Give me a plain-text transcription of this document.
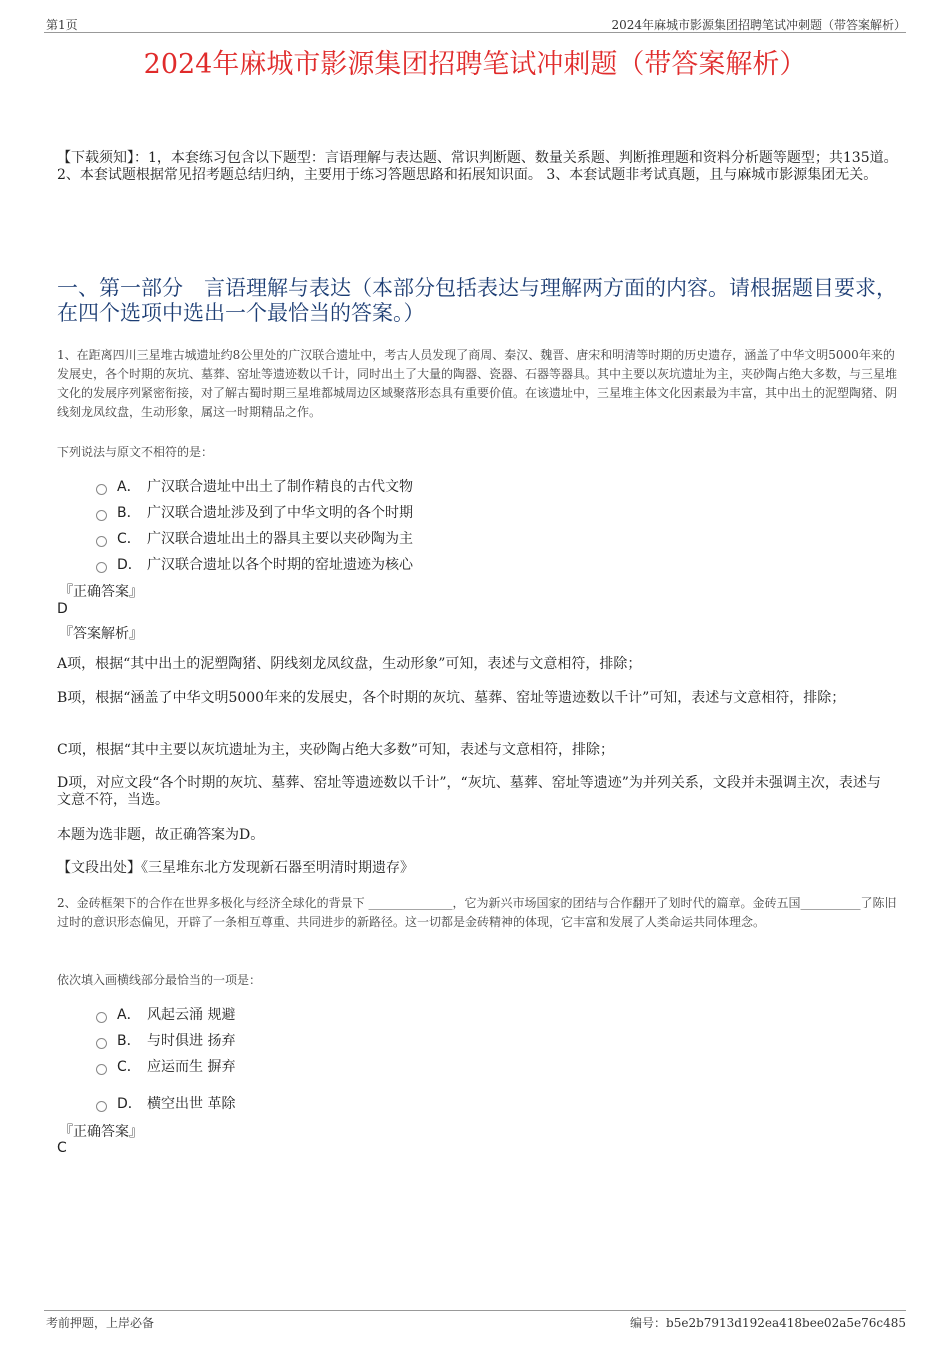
第1页	2024年麻城市影源集团招聘笔试冲刺题（带答案解析）
2024年麻城市影源集团招聘笔试冲刺题（带答案解析）
【下载须知】：1，本套练习包含以下题型：言语理解与表达题、常识判断题、数量关系题、判断推理题和资料分析题等题型；共135道。 2、本套试题根据常见招考题总结归纳，主要用于练习答题思路和拓展知识面。 3、本套试题非考试真题，且与麻城市影源集团无关。
一、第一部分　言语理解与表达（本部分包括表达与理解两方面的内容。请根据题目要求，在四个选项中选出一个最恰当的答案。）
1、在距离四川三星堆古城遗址约8公里处的广汉联合遗址中，考古人员发现了商周、秦汉、魏晋、唐宋和明清等时期的历史遗存，涵盖了中华文明5000年来的发展史，各个时期的灰坑、墓葬、窑址等遗迹数以千计，同时出土了大量的陶器、瓷器、石器等器具。其中主要以灰坑遗址为主，夹砂陶占绝大多数，与三星堆文化的发展序列紧密衔接，对了解古蜀时期三星堆都城周边区域聚落形态具有重要价值。在该遗址中，三星堆主体文化因素最为丰富，其中出土的泥塑陶猪、阴线刻龙凤纹盘，生动形象，属这一时期精品之作。
下列说法与原文不相符的是：
A． 广汉联合遗址中出土了制作精良的古代文物
B． 广汉联合遗址涉及到了中华文明的各个时期
C． 广汉联合遗址出土的器具主要以夹砂陶为主
D． 广汉联合遗址以各个时期的窑址遗迹为核心
『正确答案』
D
『答案解析』
A项，根据“其中出土的泥塑陶猪、阴线刻龙凤纹盘，生动形象”可知，表述与文意相符，排除；
B项，根据“涵盖了中华文明5000年来的发展史，各个时期的灰坑、墓葬、窑址等遗迹数以千计”可知，表述与文意相符，排除；
C项，根据“其中主要以灰坑遗址为主，夹砂陶占绝大多数”可知，表述与文意相符，排除；
D项，对应文段“各个时期的灰坑、墓葬、窑址等遗迹数以千计”，“灰坑、墓葬、窑址等遗迹”为并列关系，文段并未强调主次，表述与文意不符，当选。
本题为选非题，故正确答案为D。
【文段出处】《三星堆东北方发现新石器至明清时期遗存》
2、金砖框架下的合作在世界多极化与经济全球化的背景下 ______________，它为新兴市场国家的团结与合作翻开了划时代的篇章。金砖五国__________了陈旧过时的意识形态偏见，开辟了一条相互尊重、共同进步的新路径。这一切都是金砖精神的体现，它丰富和发展了人类命运共同体理念。
依次填入画横线部分最恰当的一项是：
A． 风起云涌 规避
B． 与时俱进 扬弃
C． 应运而生 摒弃
D． 横空出世 革除
『正确答案』
C
考前押题，上岸必备	编号：b5e2b7913d192ea418bee02a5e76c485
